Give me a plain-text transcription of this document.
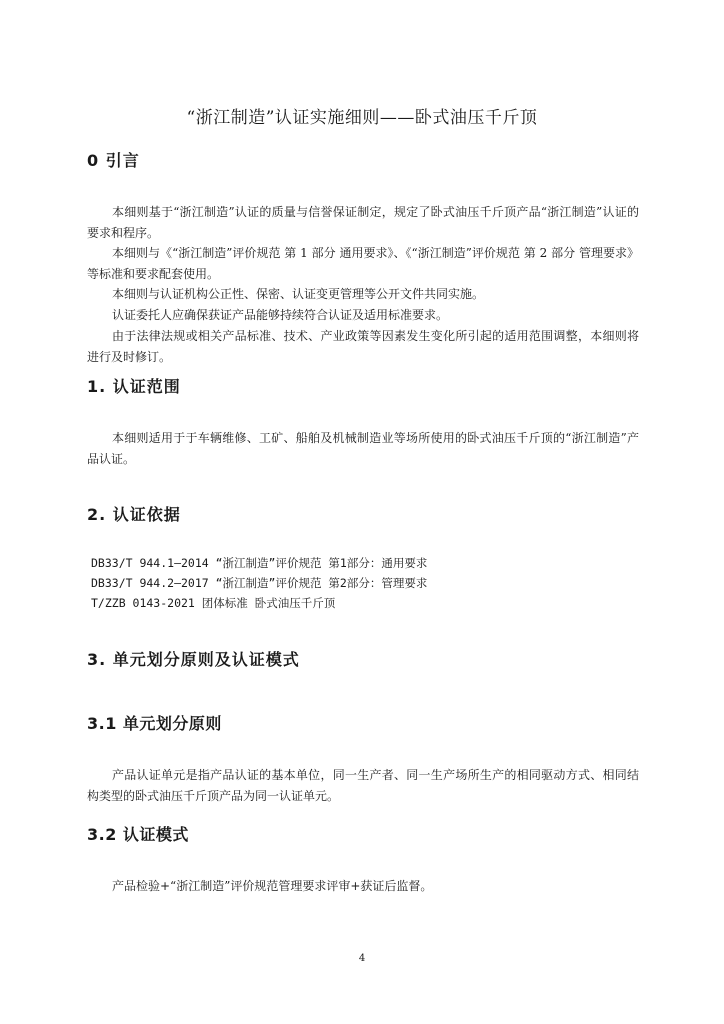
“浙江制造”认证实施细则——卧式油压千斤顶
0 引言

本细则基于“浙江制造”认证的质量与信誉保证制定，规定了卧式油压千斤顶产品“浙江制造”认证的要求和程序。

本细则与《“浙江制造”评价规范 第 1 部分 通用要求》、《“浙江制造”评价规范 第 2 部分 管理要求》等标准和要求配套使用。

本细则与认证机构公正性、保密、认证变更管理等公开文件共同实施。

认证委托人应确保获证产品能够持续符合认证及适用标准要求。

由于法律法规或相关产品标准、技术、产业政策等因素发生变化所引起的适用范围调整，本细则将进行及时修订。

1. 认证范围

本细则适用于于车辆维修、工矿、船舶及机械制造业等场所使用的卧式油压千斤顶的“浙江制造”产品认证。

2. 认证依据
DB33/T 944.1—2014 “浙江制造”评价规范 第1部分：通用要求
DB33/T 944.2—2017 “浙江制造”评价规范 第2部分：管理要求
T/ZZB 0143-2021 团体标准 卧式油压千斤顶
3. 单元划分原则及认证模式
3.1 单元划分原则

产品认证单元是指产品认证的基本单位，同一生产者、同一生产场所生产的相同驱动方式、相同结构类型的卧式油压千斤顶产品为同一认证单元。

3.2 认证模式

产品检验+“浙江制造”评价规范管理要求评审+获证后监督。

4
